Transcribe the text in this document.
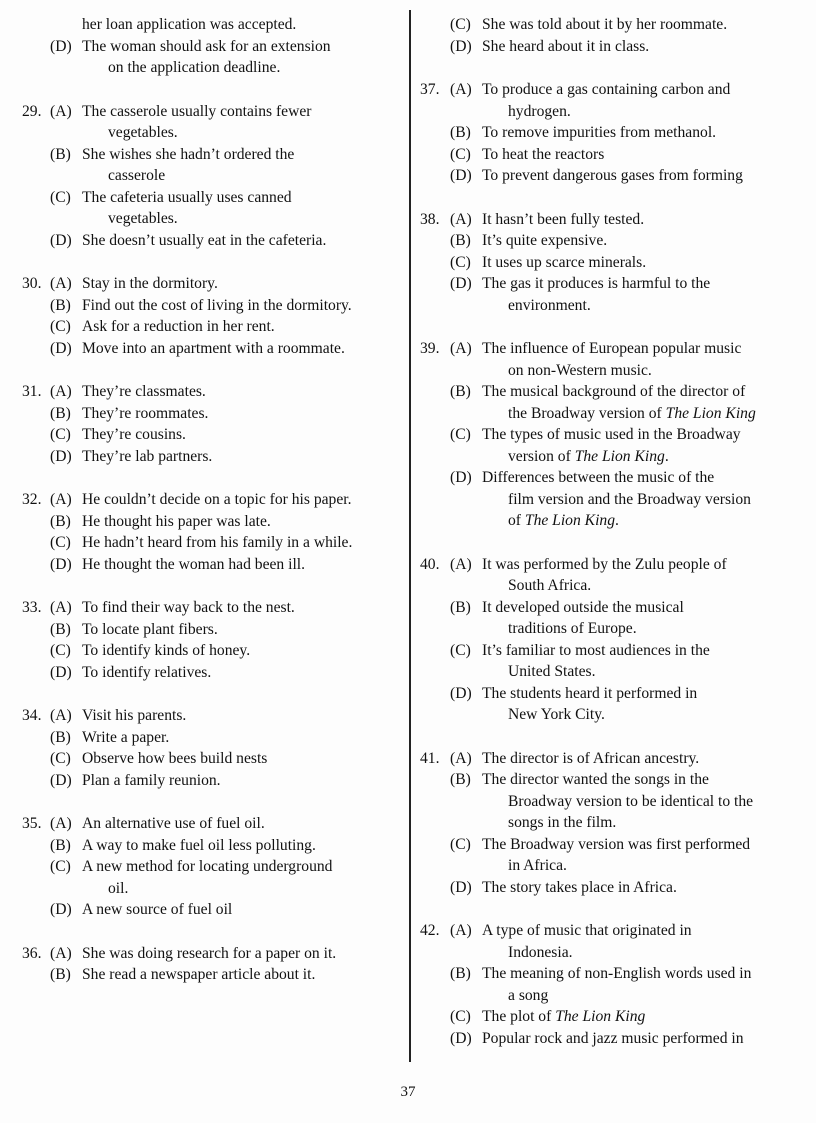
her loan application was accepted.
(D) The woman should ask for an extension
on the application deadline.
29. (A) The casserole usually contains fewer
vegetables.
(B) She wishes she hadn’t ordered the
casserole
(C) The cafeteria usually uses canned
vegetables.
(D) She doesn’t usually eat in the cafeteria.
30. (A) Stay in the dormitory.
(B) Find out the cost of living in the dormitory.
(C) Ask for a reduction in her rent.
(D) Move into an apartment with a roommate.
31. (A) They’re classmates.
(B) They’re roommates.
(C) They’re cousins.
(D) They’re lab partners.
32. (A) He couldn’t decide on a topic for his paper.
(B) He thought his paper was late.
(C) He hadn’t heard from his family in a while.
(D) He thought the woman had been ill.
33. (A) To find their way back to the nest.
(B) To locate plant fibers.
(C) To identify kinds of honey.
(D) To identify relatives.
34. (A) Visit his parents.
(B) Write a paper.
(C) Observe how bees build nests
(D) Plan a family reunion.
35. (A) An alternative use of fuel oil.
(B) A way to make fuel oil less polluting.
(C) A new method for locating underground
oil.
(D) A new source of fuel oil
36. (A) She was doing research for a paper on it.
(B) She read a newspaper article about it.
(C) She was told about it by her roommate.
(D) She heard about it in class.
37. (A) To produce a gas containing carbon and
hydrogen.
(B) To remove impurities from methanol.
(C) To heat the reactors
(D) To prevent dangerous gases from forming
38. (A) It hasn’t been fully tested.
(B) It’s quite expensive.
(C) It uses up scarce minerals.
(D) The gas it produces is harmful to the
environment.
39. (A) The influence of European popular music
on non-Western music.
(B) The musical background of the director of
the Broadway version of The Lion King
(C) The types of music used in the Broadway
version of The Lion King.
(D) Differences between the music of the
film version and the Broadway version
of The Lion King.
40. (A) It was performed by the Zulu people of
South Africa.
(B) It developed outside the musical
traditions of Europe.
(C) It’s familiar to most audiences in the
United States.
(D) The students heard it performed in
New York City.
41. (A) The director is of African ancestry.
(B) The director wanted the songs in the
Broadway version to be identical to the
songs in the film.
(C) The Broadway version was first performed
in Africa.
(D) The story takes place in Africa.
42. (A) A type of music that originated in
Indonesia.
(B) The meaning of non-English words used in
a song
(C) The plot of The Lion King
(D) Popular rock and jazz music performed in
37
